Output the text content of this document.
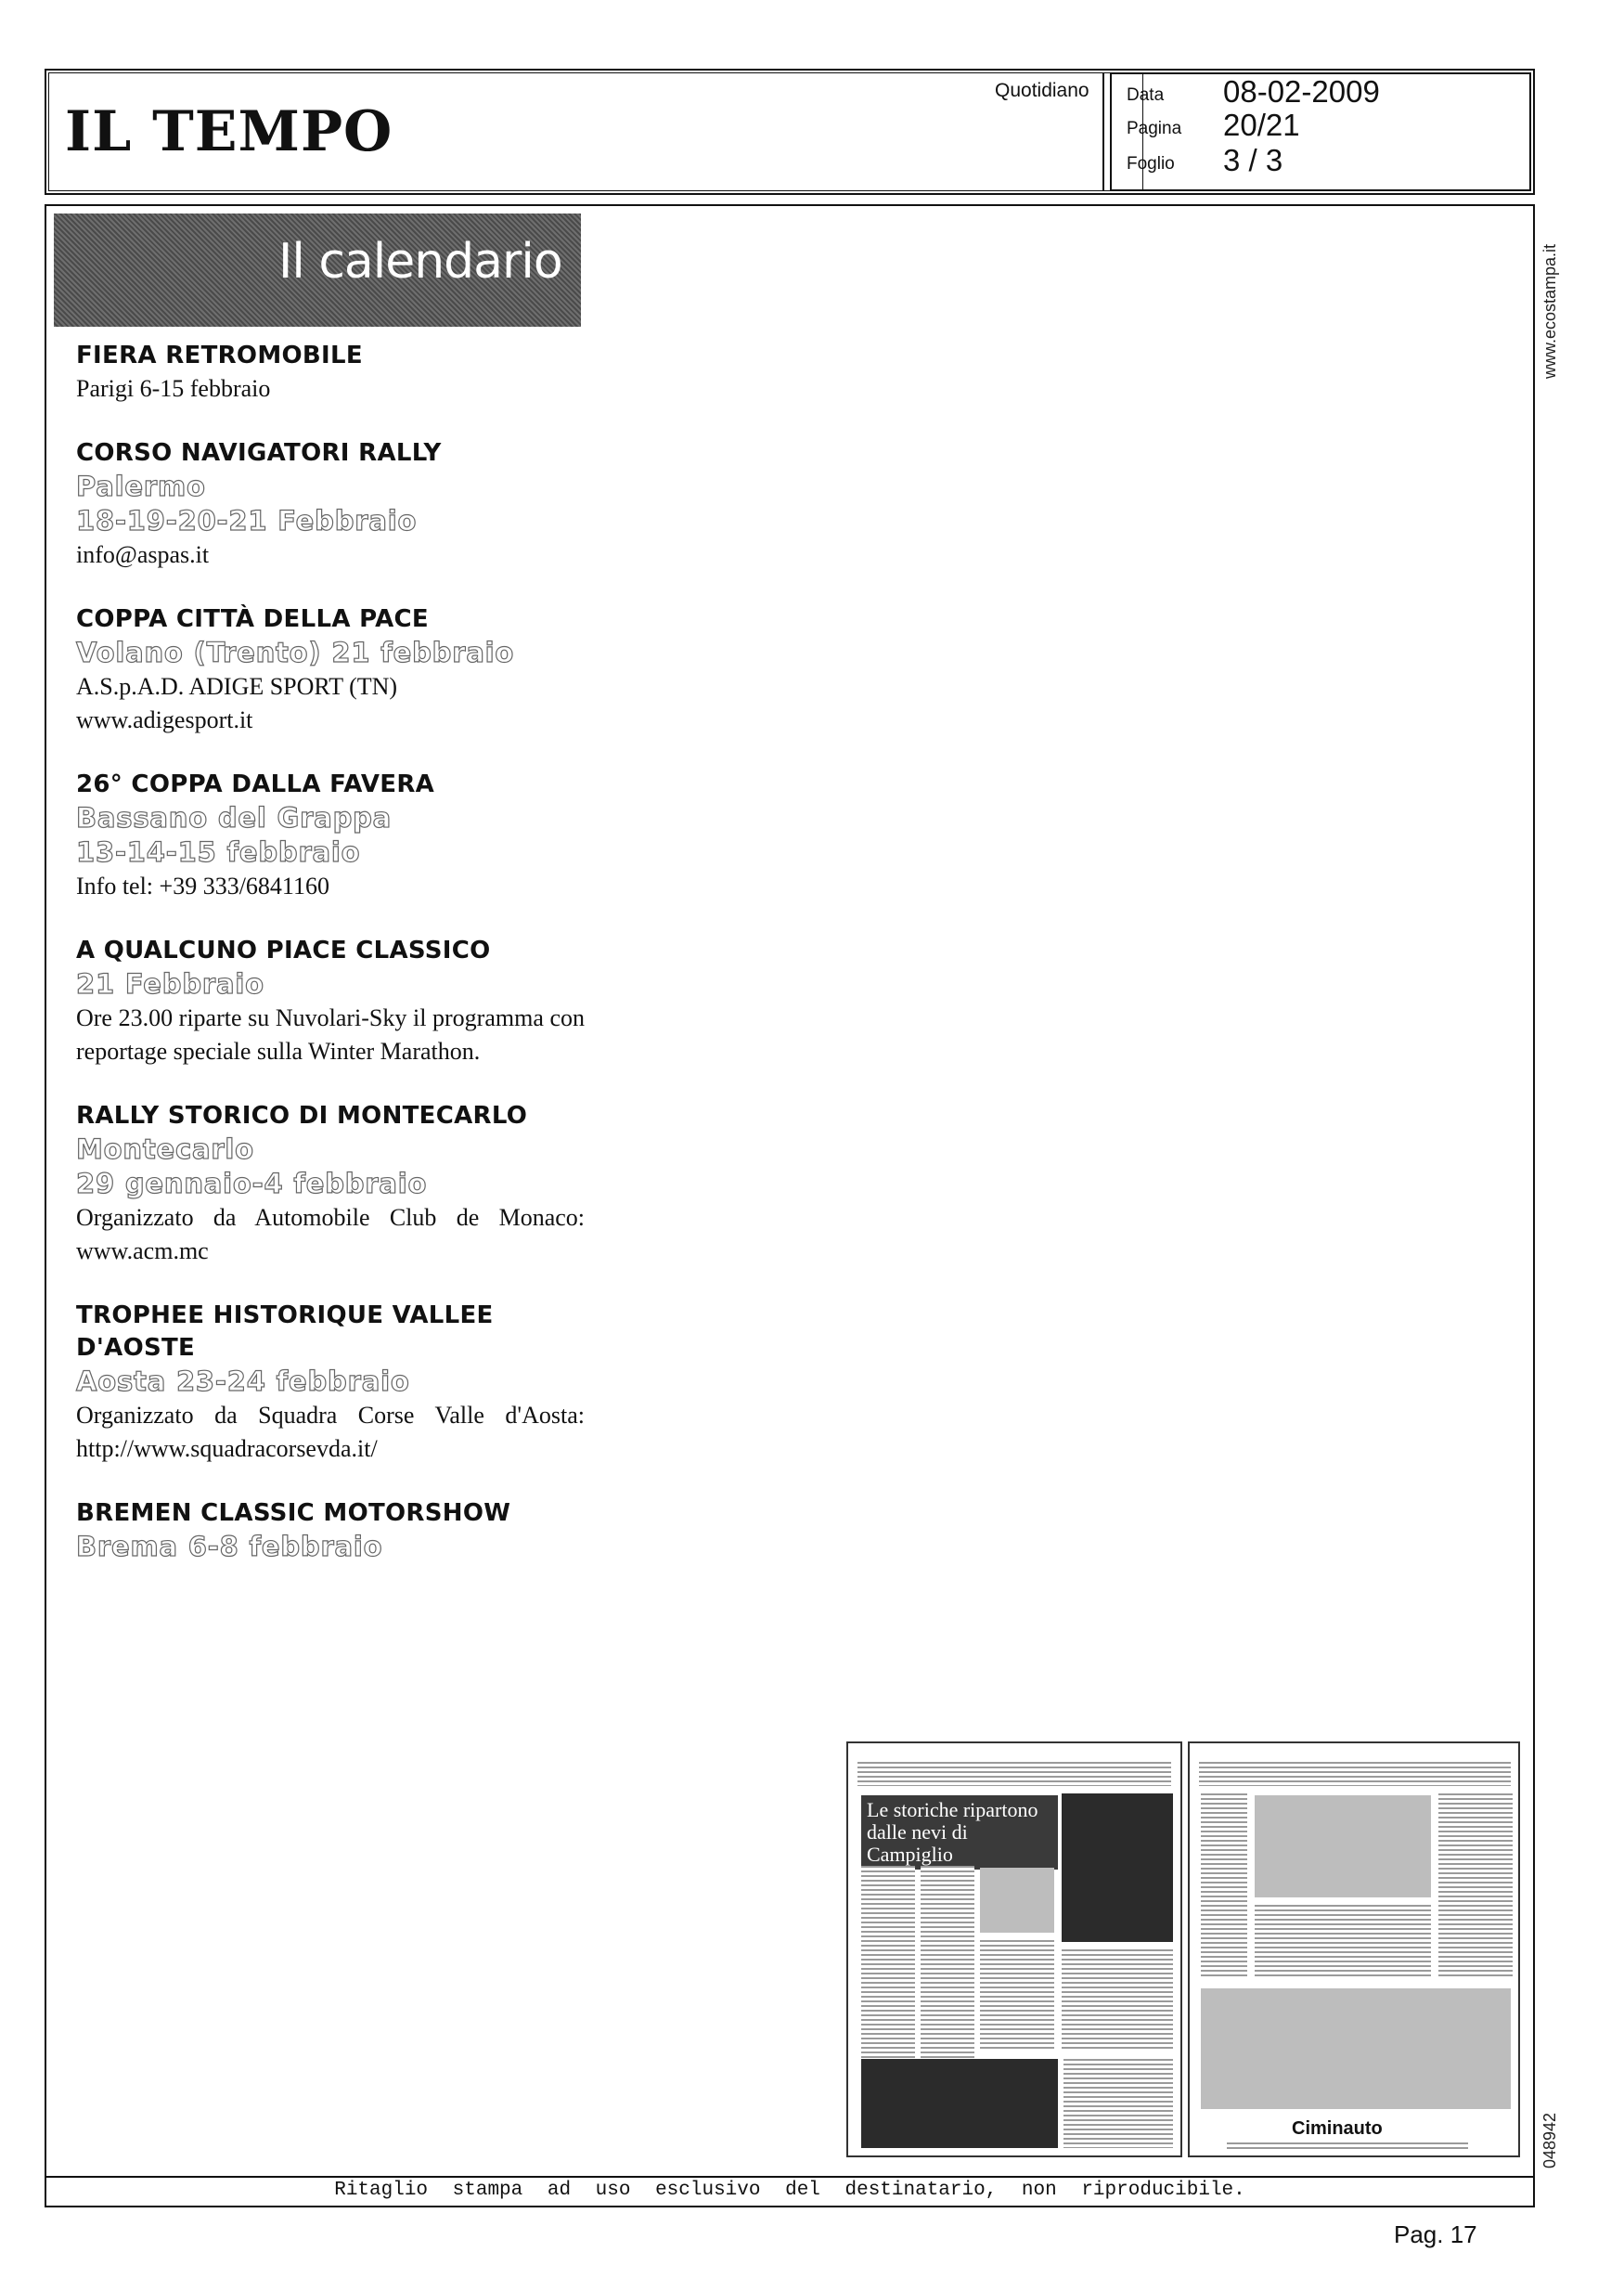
IL TEMPO
Quotidiano Data 08-02-2009
Pagina 20/21
Foglio 3 / 3
www.ecostampa.it
048942
Il calendario
FIERA RETROMOBILE
Parigi 6-15 febbraio
CORSO NAVIGATORI RALLY
Palermo
18-19-20-21 Febbraio
info@aspas.it
COPPA CITTÀ DELLA PACE
Volano (Trento) 21 febbraio
A.S.p.A.D. ADIGE SPORT (TN)
www.adigesport.it
26° COPPA DALLA FAVERA
Bassano del Grappa
13-14-15 febbraio
Info tel: +39 333/6841160
A QUALCUNO PIACE CLASSICO
21 Febbraio
Ore 23.00 riparte su Nuvolari-Sky il programma con reportage speciale sulla Winter Marathon.
RALLY STORICO DI MONTECARLO
Montecarlo
29 gennaio-4 febbraio
Organizzato da Automobile Club de Monaco: www.acm.mc
TROPHEE HISTORIQUE VALLEE D'AOSTE
Aosta 23-24 febbraio
Organizzato da Squadra Corse Valle d'Aosta: http://www.squadracorsevda.it/
BREMEN CLASSIC MOTORSHOW
Brema 6-8 febbraio
Le storiche ripartono dalle nevi di Campiglio
Ciminauto
Ritaglio stampa ad uso esclusivo del destinatario, non riproducibile.
Pag. 17
